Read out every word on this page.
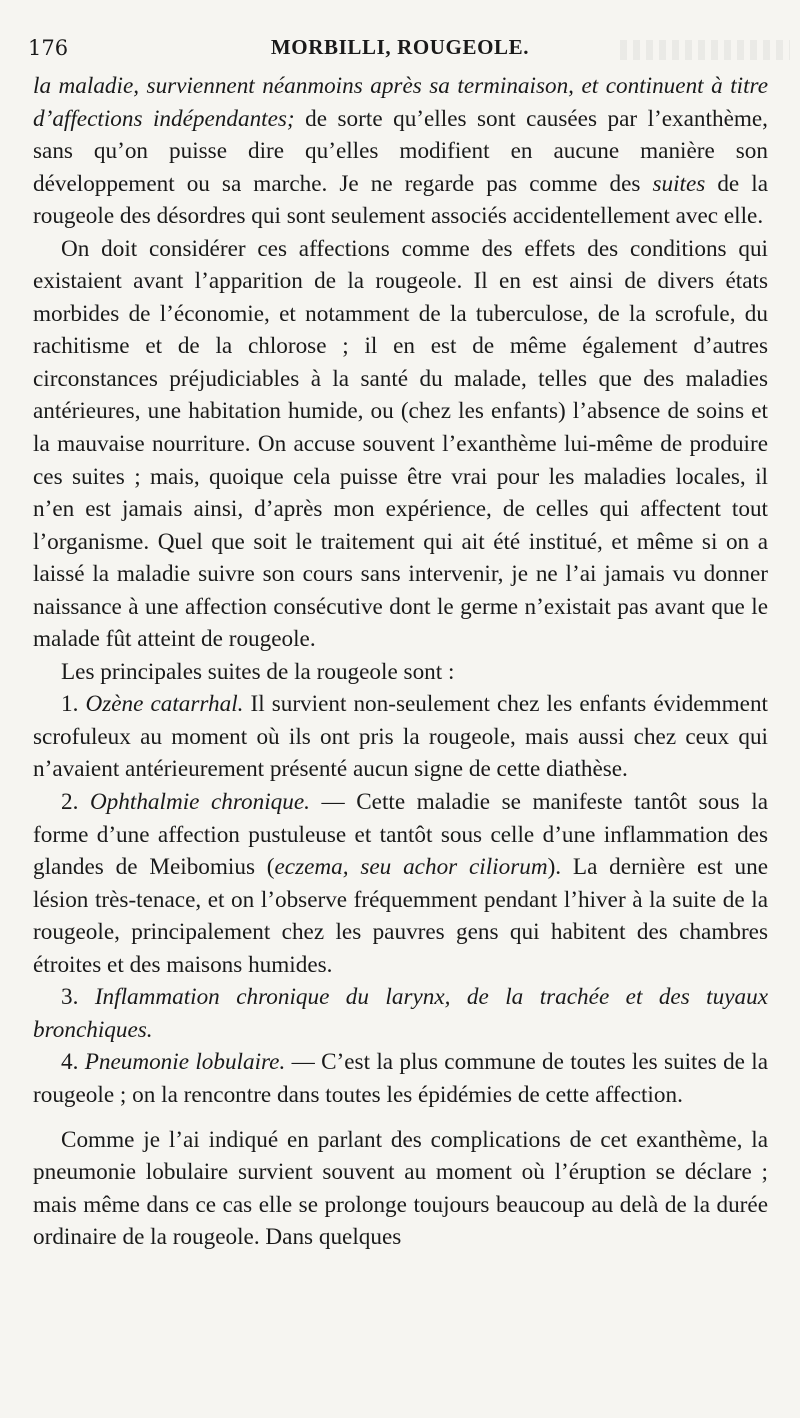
176	MORBILLI, ROUGEOLE.

la maladie, surviennent néanmoins après sa terminaison, et continuent à titre d’affections indépendantes; de sorte qu’elles sont causées par l’exanthème, sans qu’on puisse dire qu’elles modifient en aucune manière son développement ou sa marche. Je ne regarde pas comme des suites de la rougeole des désordres qui sont seulement associés accidentellement avec elle.

On doit considérer ces affections comme des effets des conditions qui existaient avant l’apparition de la rougeole. Il en est ainsi de divers états morbides de l’économie, et notamment de la tuberculose, de la scrofule, du rachitisme et de la chlorose ; il en est de même également d’autres circonstances préjudiciables à la santé du malade, telles que des maladies antérieures, une habitation humide, ou (chez les enfants) l’absence de soins et la mauvaise nourriture. On accuse souvent l’exanthème lui-même de produire ces suites ; mais, quoique cela puisse être vrai pour les maladies locales, il n’en est jamais ainsi, d’après mon expérience, de celles qui affectent tout l’organisme. Quel que soit le traitement qui ait été institué, et même si on a laissé la maladie suivre son cours sans intervenir, je ne l’ai jamais vu donner naissance à une affection consécutive dont le germe n’existait pas avant que le malade fût atteint de rougeole.

Les principales suites de la rougeole sont :

1. Ozène catarrhal. Il survient non-seulement chez les enfants évidemment scrofuleux au moment où ils ont pris la rougeole, mais aussi chez ceux qui n’avaient antérieurement présenté aucun signe de cette diathèse.

2. Ophthalmie chronique. — Cette maladie se manifeste tantôt sous la forme d’une affection pustuleuse et tantôt sous celle d’une inflammation des glandes de Meibomius (eczema, seu achor ciliorum). La dernière est une lésion très-tenace, et on l’observe fréquemment pendant l’hiver à la suite de la rougeole, principalement chez les pauvres gens qui habitent des chambres étroites et des maisons humides.

3. Inflammation chronique du larynx, de la trachée et des tuyaux bronchiques.

4. Pneumonie lobulaire. — C’est la plus commune de toutes les suites de la rougeole ; on la rencontre dans toutes les épidémies de cette affection.

Comme je l’ai indiqué en parlant des complications de cet exanthème, la pneumonie lobulaire survient souvent au moment où l’éruption se déclare ; mais même dans ce cas elle se prolonge toujours beaucoup au delà de la durée ordinaire de la rougeole. Dans quelques
